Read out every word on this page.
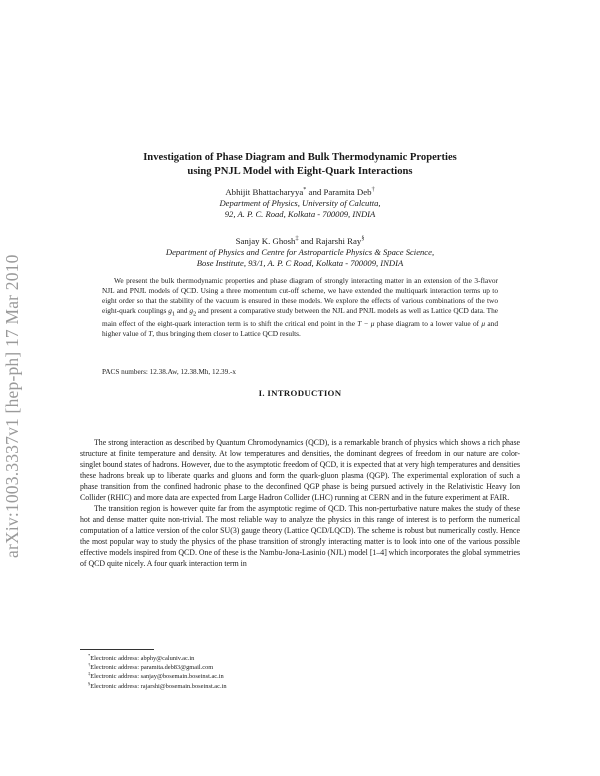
arXiv:1003.3337v1 [hep-ph] 17 Mar 2010
Investigation of Phase Diagram and Bulk Thermodynamic Properties
using PNJL Model with Eight-Quark Interactions
Abhijit Bhattacharyya* and Paramita Deb†
Department of Physics, University of Calcutta,
92, A. P. C. Road, Kolkata - 700009, INDIA
Sanjay K. Ghosh‡ and Rajarshi Ray§
Department of Physics and Centre for Astroparticle Physics & Space Science,
Bose Institute, 93/1, A. P. C Road, Kolkata - 700009, INDIA
We present the bulk thermodynamic properties and phase diagram of strongly interacting matter in an extension of the 3-flavor NJL and PNJL models of QCD. Using a three momentum cut-off scheme, we have extended the multiquark interaction terms up to eight order so that the stability of the vacuum is ensured in these models. We explore the effects of various combinations of the two eight-quark couplings $g_1$ and $g_2$ and present a comparative study between the NJL and PNJL models as well as Lattice QCD data. The main effect of the eight-quark interaction term is to shift the critical end point in the T − μ phase diagram to a lower value of μ and higher value of T, thus bringing them closer to Lattice QCD results.
PACS numbers: 12.38.Aw, 12.38.Mh, 12.39.-x
I. INTRODUCTION

The strong interaction as described by Quantum Chromodynamics (QCD), is a remarkable branch of physics which shows a rich phase structure at finite temperature and density. At low temperatures and densities, the dominant degrees of freedom in our nature are color-singlet bound states of hadrons. However, due to the asymptotic freedom of QCD, it is expected that at very high temperatures and densities these hadrons break up to liberate quarks and gluons and form the quark-gluon plasma (QGP). The experimental exploration of such a phase transition from the confined hadronic phase to the deconfined QGP phase is being pursued actively in the Relativistic Heavy Ion Collider (RHIC) and more data are expected from Large Hadron Collider (LHC) running at CERN and in the future experiment at FAIR.

The transition region is however quite far from the asymptotic regime of QCD. This non-perturbative nature makes the study of these hot and dense matter quite non-trivial. The most reliable way to analyze the physics in this range of interest is to perform the numerical computation of a lattice version of the color SU(3) gauge theory (Lattice QCD/LQCD). The scheme is robust but numerically costly. Hence the most popular way to study the physics of the phase transition of strongly interacting matter is to look into one of the various possible effective models inspired from QCD. One of these is the Nambu-Jona-Lasinio (NJL) model [1–4] which incorporates the global symmetries of QCD quite nicely. A four quark interaction term in

*Electronic address: abphy@caluniv.ac.in
†Electronic address: paramita.deb83@gmail.com
‡Electronic address: sanjay@bosemain.boseinst.ac.in
§Electronic address: rajarshi@bosemain.boseinst.ac.in
